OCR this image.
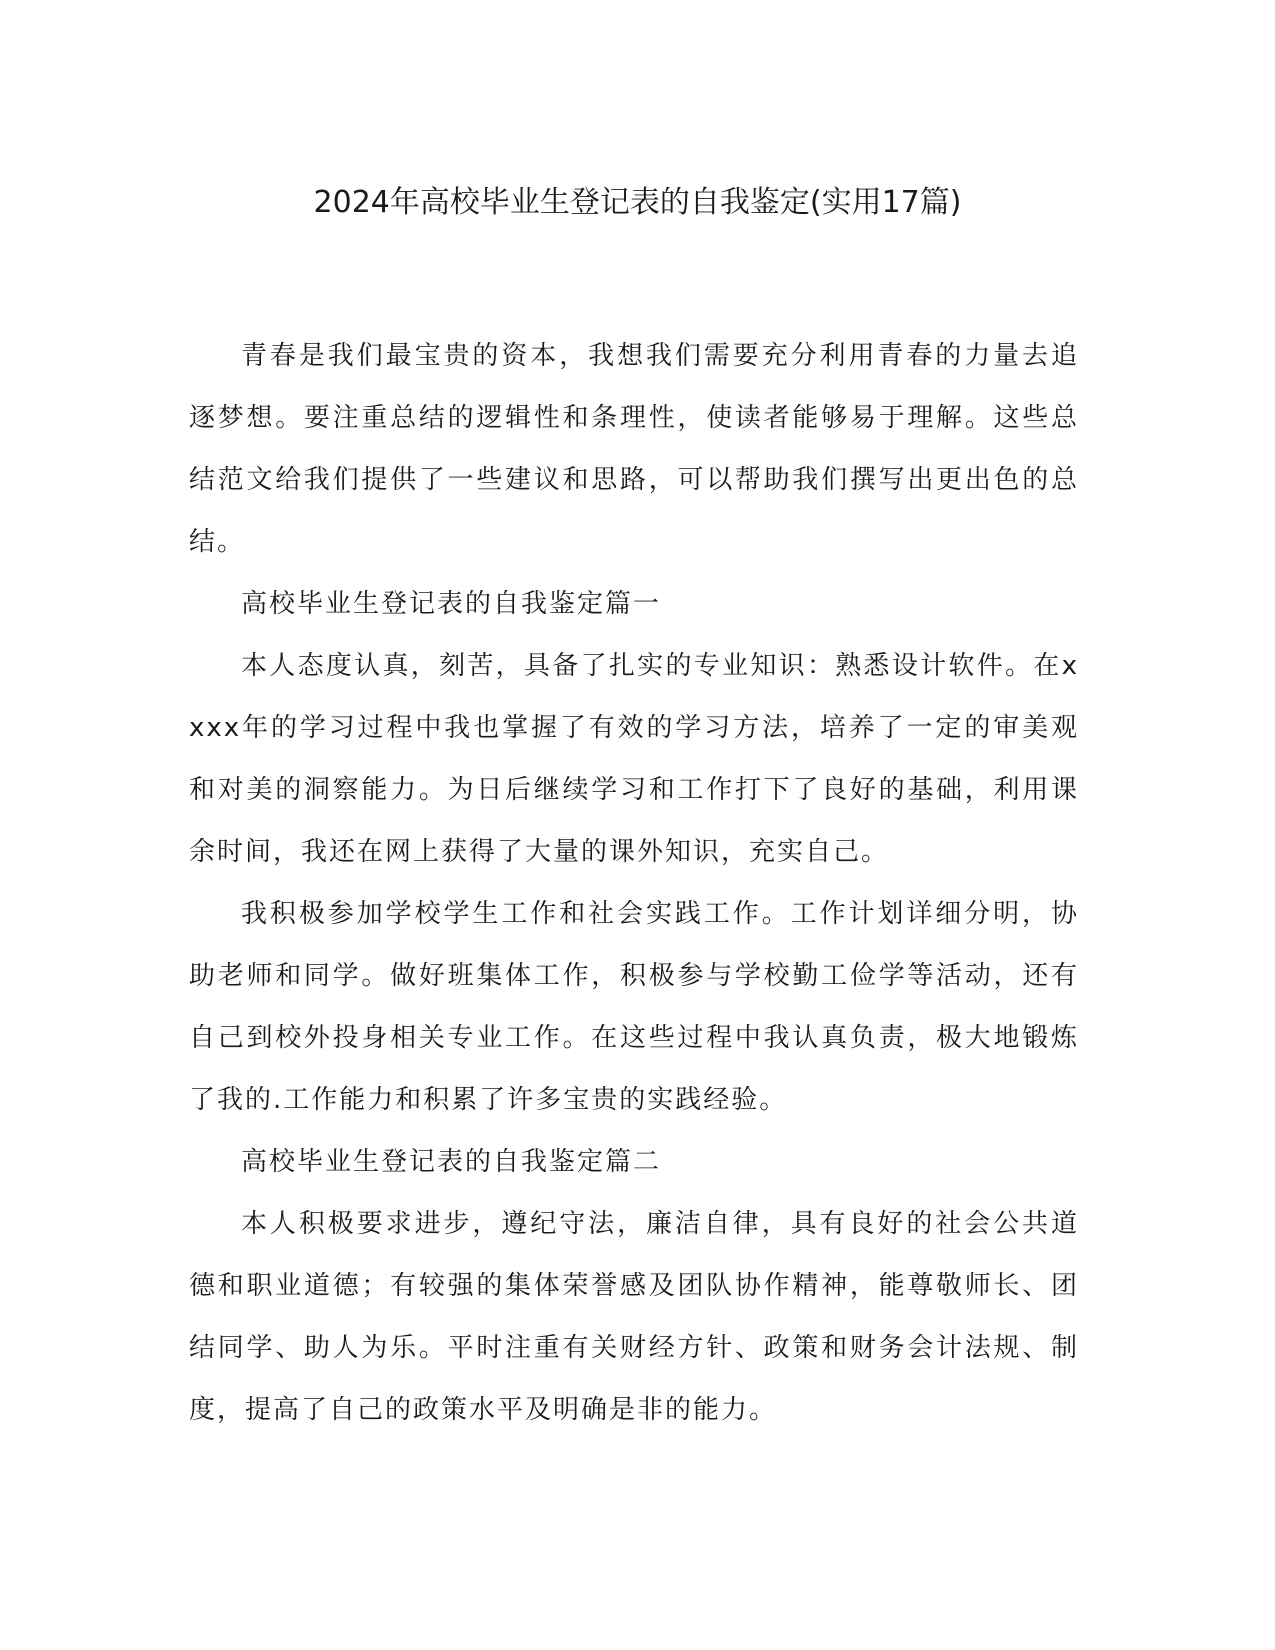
2024年高校毕业生登记表的自我鉴定(实用17篇)

青春是我们最宝贵的资本，我想我们需要充分利用青春的力量去追逐梦想。要注重总结的逻辑性和条理性，使读者能够易于理解。这些总结范文给我们提供了一些建议和思路，可以帮助我们撰写出更出色的总结。

高校毕业生登记表的自我鉴定篇一

本人态度认真，刻苦，具备了扎实的专业知识：熟悉设计软件。在xxxx年的学习过程中我也掌握了有效的学习方法，培养了一定的审美观和对美的洞察能力。为日后继续学习和工作打下了良好的基础，利用课余时间，我还在网上获得了大量的课外知识，充实自己。

我积极参加学校学生工作和社会实践工作。工作计划详细分明，协助老师和同学。做好班集体工作，积极参与学校勤工俭学等活动，还有自己到校外投身相关专业工作。在这些过程中我认真负责，极大地锻炼了我的.工作能力和积累了许多宝贵的实践经验。

高校毕业生登记表的自我鉴定篇二

本人积极要求进步，遵纪守法，廉洁自律，具有良好的社会公共道德和职业道德；有较强的集体荣誉感及团队协作精神，能尊敬师长、团结同学、助人为乐。平时注重有关财经方针、政策和财务会计法规、制度，提高了自己的政策水平及明确是非的能力。
